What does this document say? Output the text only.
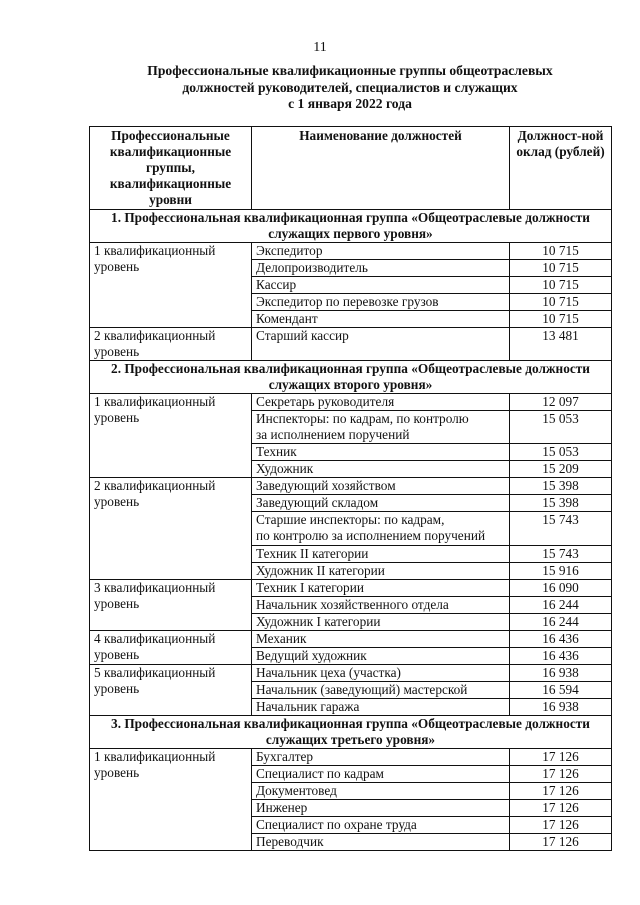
11
Профессиональные квалификационные группы общеотраслевых
должностей руководителей, специалистов и служащих
с 1 января 2022 года
Профессиональные квалификационные группы, квалификационные уровни	Наименование должностей	Должност-ной оклад (рублей)

1. Профессиональная квалификационная группа «Общеотраслевые должности
служащих первого уровня»		

1 квалификационный уровень	Экспедитор	10 715

	Делопроизводитель	10 715

	Кассир	10 715

	Экспедитор по перевозке грузов	10 715

	Комендант	10 715
2 квалификационный уровень	Старший кассир	13 481

2. Профессиональная квалификационная группа «Общеотраслевые должности
служащих второго уровня»		

1 квалификационный уровень	Секретарь руководителя	12 097

	Инспекторы: по кадрам, по контролю
за исполнением поручений	15 053

	Техник	15 053

	Художник	15 209
2 квалификационный уровень	Заведующий хозяйством	15 398

	Заведующий складом	15 398

	Старшие инспекторы: по кадрам,
по контролю за исполнением поручений	15 743

	Техник II категории	15 743

	Художник II категории	15 916
3 квалификационный уровень	Техник I категории	16 090

	Начальник хозяйственного отдела	16 244

	Художник I категории	16 244
4 квалификационный уровень	Механик	16 436

	Ведущий художник	16 436
5 квалификационный уровень	Начальник цеха (участка)	16 938

	Начальник (заведующий) мастерской	16 594

	Начальник гаража	16 938

3. Профессиональная квалификационная группа «Общеотраслевые должности
служащих третьего уровня»		

1 квалификационный уровень	Бухгалтер	17 126

	Специалист по кадрам	17 126

	Документовед	17 126

	Инженер	17 126

	Специалист по охране труда	17 126

	Переводчик	17 126
